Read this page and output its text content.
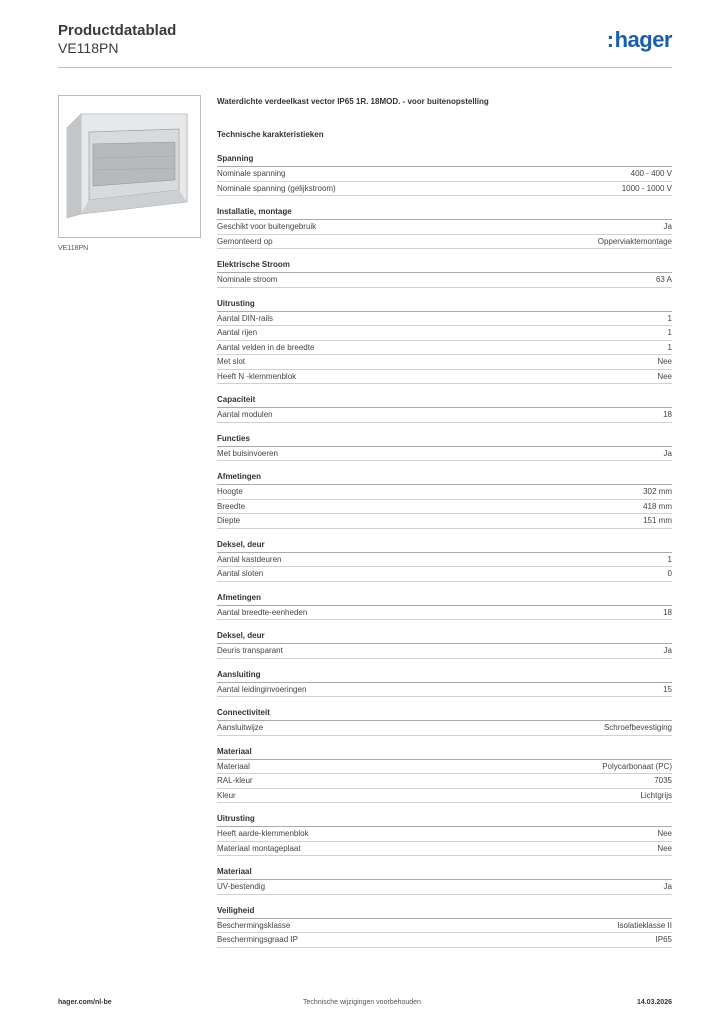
Productdatablad
VE118PN	:hager
VE118PN
Waterdichte verdeelkast vector IP65 1R. 18MOD. - voor buitenopstelling
Technische karakteristieken
Spanning
Nominale spanning	400 - 400 V
Nominale spanning (gelijkstroom)	1000 - 1000 V
Installatie, montage
Geschikt voor buitengebruik	Ja
Gemonteerd op	Opperviaktemontage
Elektrische Stroom
Nominale stroom	63 A
Uitrusting
Aantal DIN-rails	1
Aantal rijen	1
Aantal velden in de breedte	1
Met slot	Nee
Heeft N -klemmenblok	Nee
Capaciteit
Aantal modulen	18
Functies
Met buisinvoeren	Ja
Afmetingen
Hoogte	302 mm
Breedte	418 mm
Diepte	151 mm
Deksel, deur
Aantal kastdeuren	1
Aantal sloten	0
Afmetingen
Aantal breedte-eenheden	18
Deksel, deur
Deuris transparant	Ja
Aansluiting
Aantal leidinginvoeringen	15
Connectiviteit
Aansluitwijze	Schroefbevestiging
Materiaal
Materiaal	Polycarbonaat (PC)
RAL-kleur	7035
Kleur	Lichtgrijs
Uitrusting
Heeft aarde-klemmenblok	Nee
Materiaal montageplaat	Nee
Materiaal
UV-bestendig	Ja
Veiligheid
Beschermingsklasse	Isolatieklasse II
Beschermingsgraad IP	IP65
hager.com/nl-be	Technische wijzigingen voorbehouden	14.03.2026
